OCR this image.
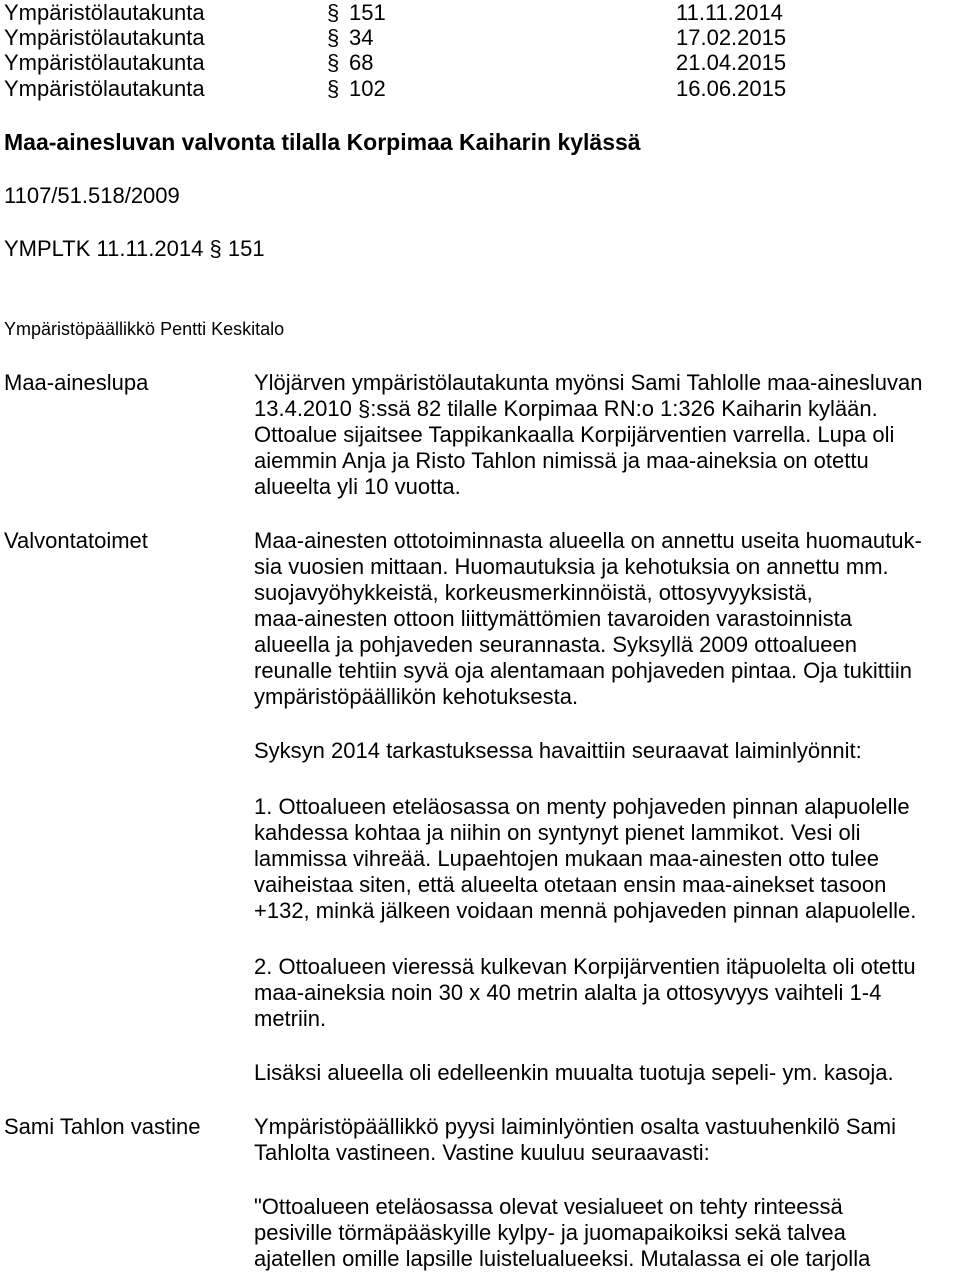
Ympäristölautakunta	§ 151	11.11.2014
Ympäristölautakunta	§ 34	17.02.2015
Ympäristölautakunta	§ 68	21.04.2015
Ympäristölautakunta	§ 102	16.06.2015
Maa-ainesluvan valvonta tilalla Korpimaa Kaiharin kylässä
1107/51.518/2009
YMPLTK 11.11.2014 § 151
Ympäristöpäällikkö Pentti Keskitalo
Maa-aineslupa	Ylöjärven ympäristölautakunta myönsi Sami Tahlolle maa-ainesluvan
13.4.2010 §:ssä 82 tilalle Korpimaa RN:o 1:326 Kaiharin kylään.
Ottoalue sijaitsee Tappikankaalla Korpijärventien varrella. Lupa oli
aiemmin Anja ja Risto Tahlon nimissä ja maa-aineksia on otettu
alueelta yli 10 vuotta.
Valvontatoimet	Maa-ainesten ottotoiminnasta alueella on annettu useita huomautuk-
sia vuosien mittaan. Huomautuksia ja kehotuksia on annettu mm.
suojavyöhykkeistä, korkeusmerkinnöistä, ottosyvyyksistä,
maa-ainesten ottoon liittymättömien tavaroiden varastoinnista
alueella ja pohjaveden seurannasta. Syksyllä 2009 ottoalueen
reunalle tehtiin syvä oja alentamaan pohjaveden pintaa. Oja tukittiin
ympäristöpäällikön kehotuksesta.
Syksyn 2014 tarkastuksessa havaittiin seuraavat laiminlyönnit:
1. Ottoalueen eteläosassa on menty pohjaveden pinnan alapuolelle
kahdessa kohtaa ja niihin on syntynyt pienet lammikot. Vesi oli
lammissa vihreää. Lupaehtojen mukaan maa-ainesten otto tulee
vaiheistaa siten, että alueelta otetaan ensin maa-ainekset tasoon
+132, minkä jälkeen voidaan mennä pohjaveden pinnan alapuolelle.
2. Ottoalueen vieressä kulkevan Korpijärventien itäpuolelta oli otettu
maa-aineksia noin 30 x 40 metrin alalta ja ottosyvyys vaihteli 1-4
metriin.
Lisäksi alueella oli edelleenkin muualta tuotuja sepeli- ym. kasoja.
Sami Tahlon vastine Ympäristöpäällikkö pyysi laiminlyöntien osalta vastuuhenkilö Sami
Tahlolta vastineen. Vastine kuuluu seuraavasti:
"Ottoalueen eteläosassa olevat vesialueet on tehty rinteessä
pesiville törmäpääskyille kylpy- ja juomapaikoiksi sekä talvea
ajatellen omille lapsille luistelualueeksi. Mutalassa ei ole tarjolla
